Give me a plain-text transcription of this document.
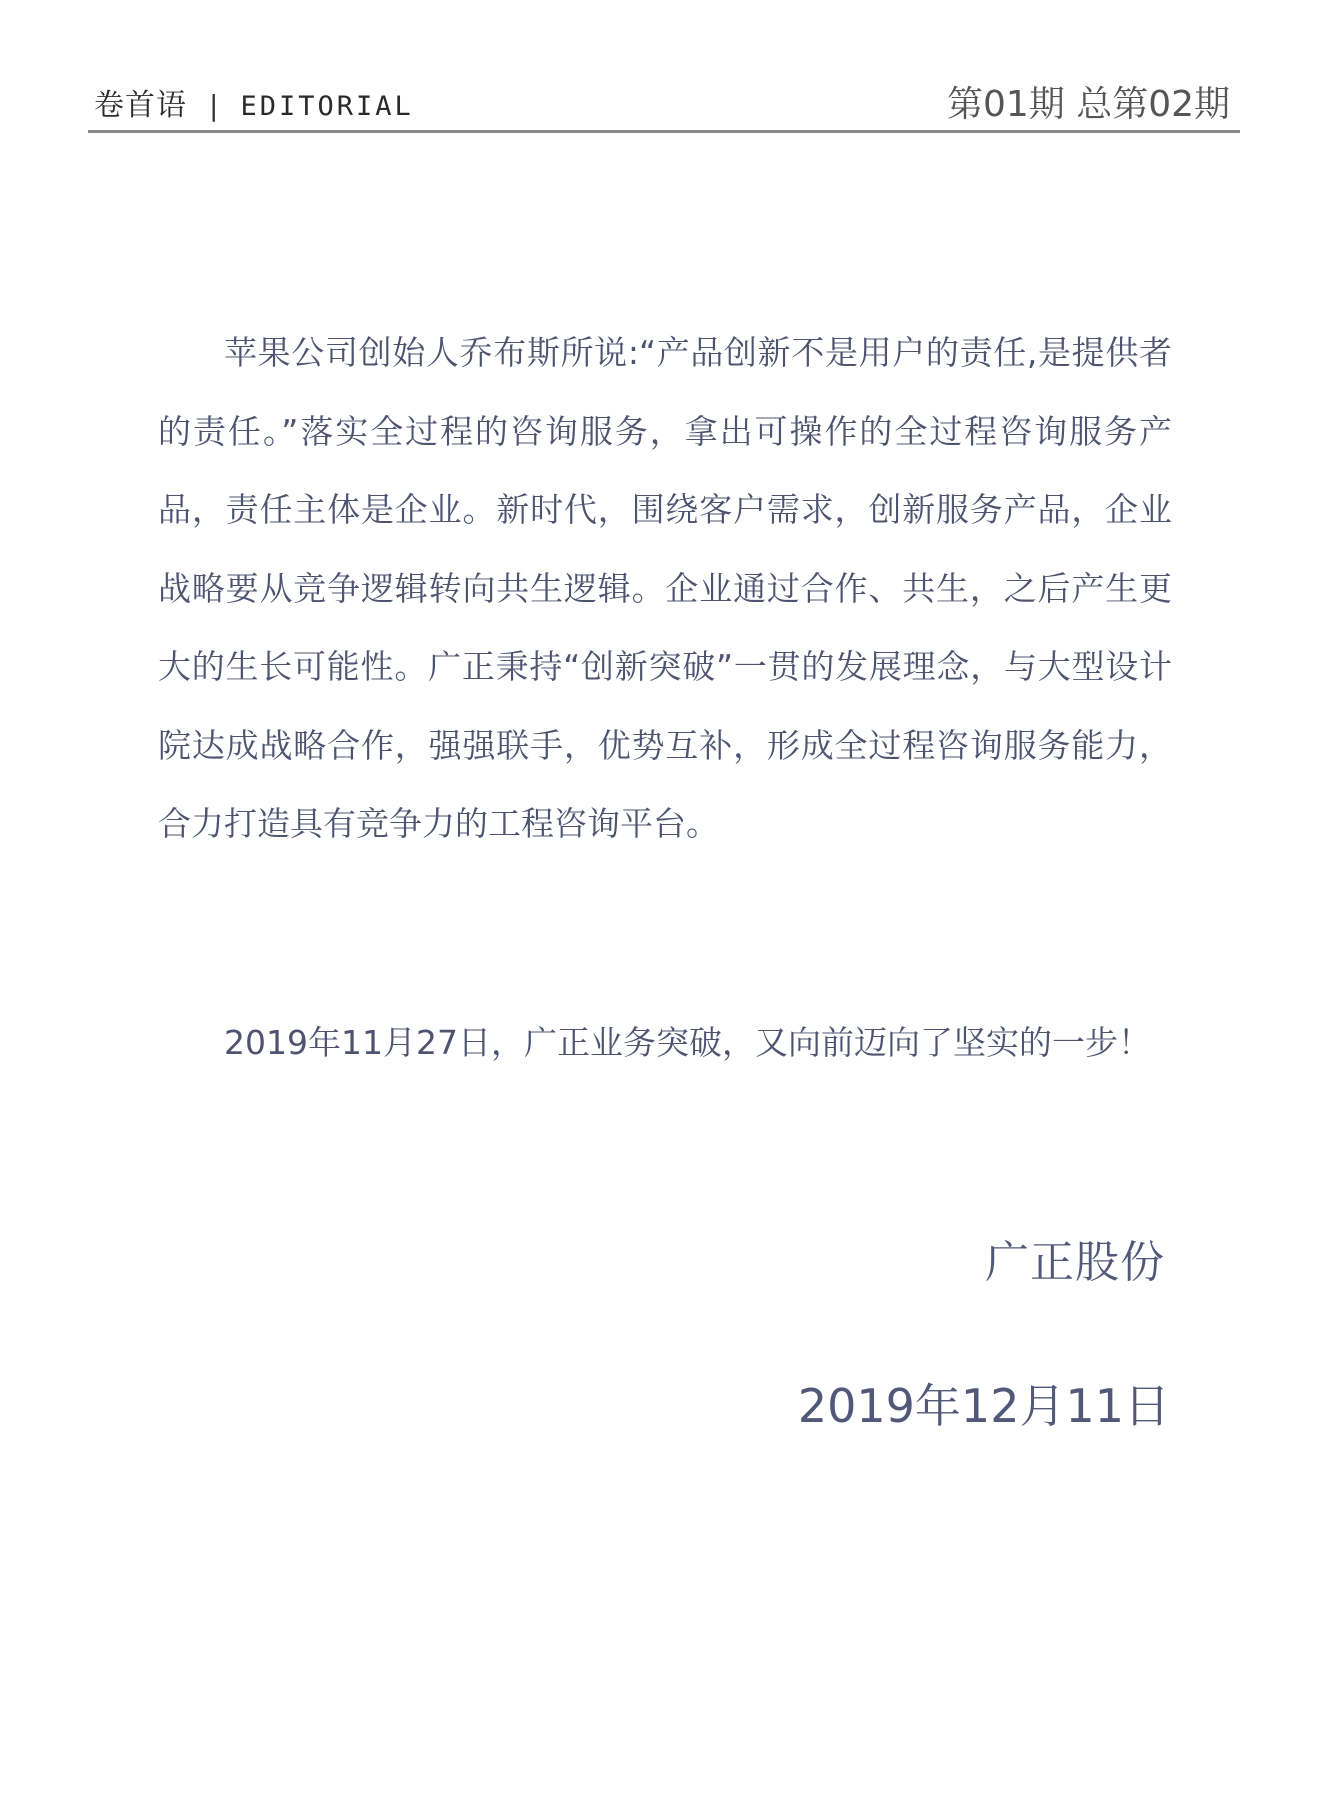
卷首语 | EDITORIAL	第01期 总第02期

苹果公司创始人乔布斯所说:“产品创新不是用户的责任,是提供者的责任。”落实全过程的咨询服务，拿出可操作的全过程咨询服务产品，责任主体是企业。新时代，围绕客户需求，创新服务产品，企业战略要从竞争逻辑转向共生逻辑。企业通过合作、共生，之后产生更大的生长可能性。广正秉持“创新突破”一贯的发展理念，与大型设计院达成战略合作，强强联手，优势互补，形成全过程咨询服务能力，合力打造具有竞争力的工程咨询平台。

2019年11月27日，广正业务突破，又向前迈向了坚实的一步！

广正股份
2019年12月11日
